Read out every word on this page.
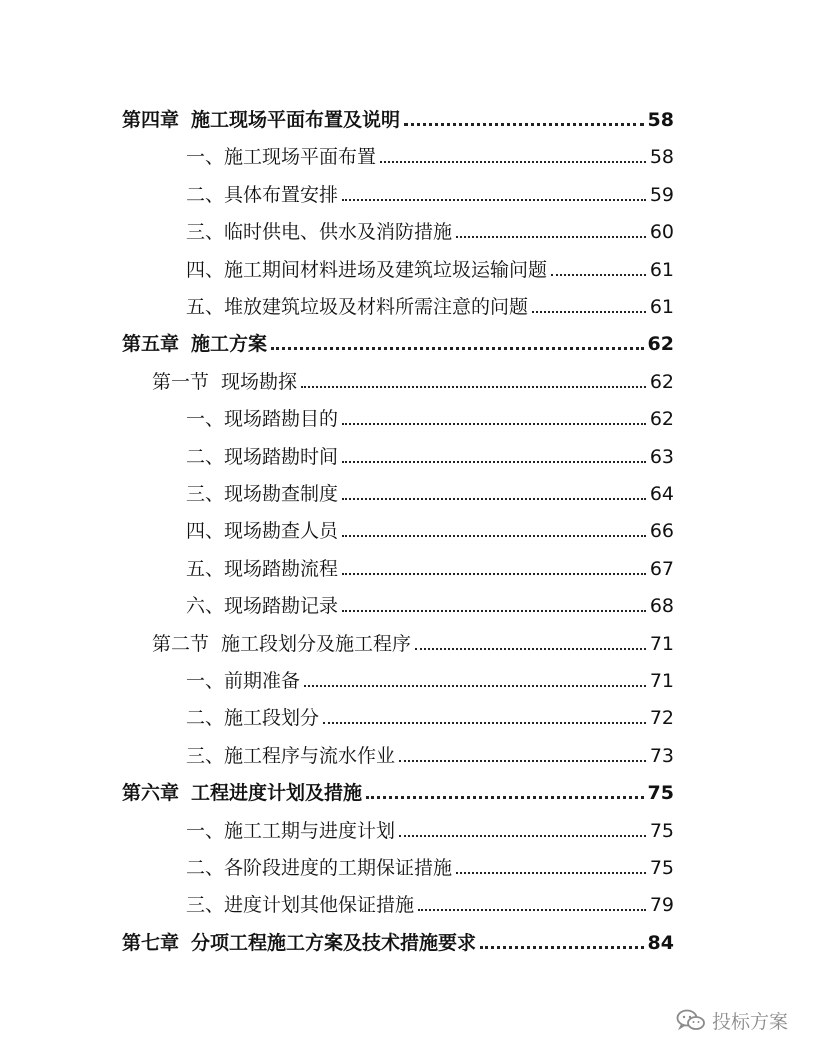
第四章 施工现场平面布置及说明	58
一、施工现场平面布置	58
二、具体布置安排	59
三、临时供电、供水及消防措施	60
四、施工期间材料进场及建筑垃圾运输问题	61
五、堆放建筑垃圾及材料所需注意的问题	61
第五章 施工方案	62
第一节 现场勘探	62
一、现场踏勘目的	62
二、现场踏勘时间	63
三、现场勘查制度	64
四、现场勘查人员	66
五、现场踏勘流程	67
六、现场踏勘记录	68
第二节 施工段划分及施工程序	71
一、前期准备	71
二、施工段划分	72
三、施工程序与流水作业	73
第六章 工程进度计划及措施	75
一、施工工期与进度计划	75
二、各阶段进度的工期保证措施	75
三、进度计划其他保证措施	79
第七章 分项工程施工方案及技术措施要求	84
投标方案
